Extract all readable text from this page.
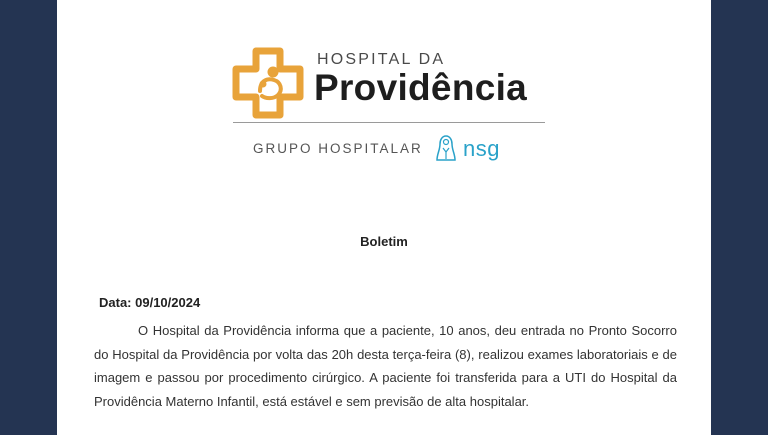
HOSPITAL DA
Providência
GRUPO HOSPITALAR nsg
Boletim
Data: 09/10/2024

O Hospital da Providência informa que a paciente, 10 anos, deu entrada no Pronto Socorro do Hospital da Providência por volta das 20h desta terça-feira (8), realizou exames laboratoriais e de imagem e passou por procedimento cirúrgico. A paciente foi transferida para a UTI do Hospital da Providência Materno Infantil, está estável e sem previsão de alta hospitalar.
